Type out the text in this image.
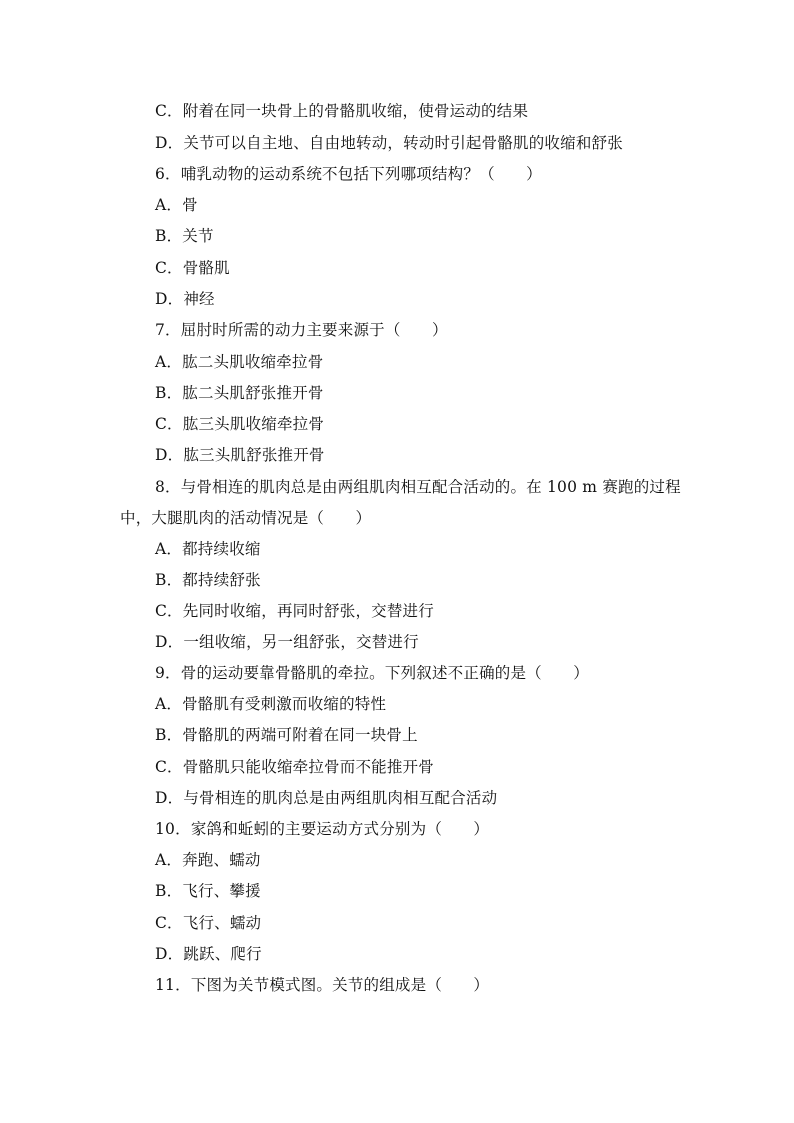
C．附着在同一块骨上的骨骼肌收缩，使骨运动的结果
D．关节可以自主地、自由地转动，转动时引起骨骼肌的收缩和舒张
6．哺乳动物的运动系统不包括下列哪项结构？（　　）
A．骨
B．关节
C．骨骼肌
D．神经
7．屈肘时所需的动力主要来源于（　　）
A．肱二头肌收缩牵拉骨
B．肱二头肌舒张推开骨
C．肱三头肌收缩牵拉骨
D．肱三头肌舒张推开骨
8．与骨相连的肌肉总是由两组肌肉相互配合活动的。在 100 m 赛跑的过程
中，大腿肌肉的活动情况是（　　）
A．都持续收缩
B．都持续舒张
C．先同时收缩，再同时舒张，交替进行
D．一组收缩，另一组舒张，交替进行
9．骨的运动要靠骨骼肌的牵拉。下列叙述不正确的是（　　）
A．骨骼肌有受刺激而收缩的特性
B．骨骼肌的两端可附着在同一块骨上
C．骨骼肌只能收缩牵拉骨而不能推开骨
D．与骨相连的肌肉总是由两组肌肉相互配合活动
10．家鸽和蚯蚓的主要运动方式分别为（　　）
A．奔跑、蠕动
B．飞行、攀援
C．飞行、蠕动
D．跳跃、爬行
11．下图为关节模式图。关节的组成是（　　）
